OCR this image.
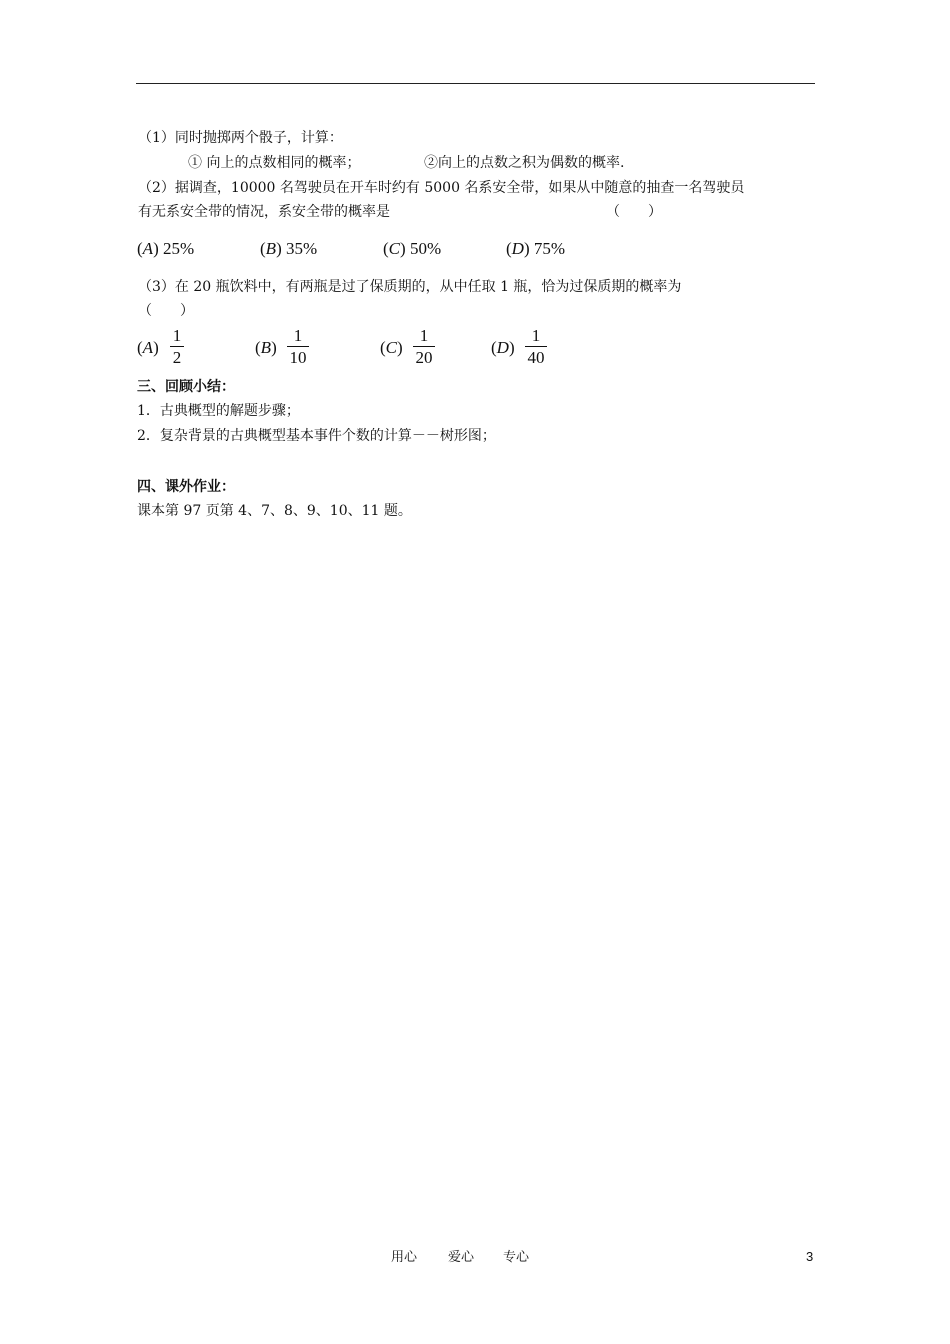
（1）同时抛掷两个骰子，计算：
① 向上的点数相同的概率；	②向上的点数之积为偶数的概率.
（2）据调查，10000 名驾驶员在开车时约有 5000 名系安全带，如果从中随意的抽查一名驾驶员
有无系安全带的情况，系安全带的概率是	（　　）
(A) 25%	(B) 35%	(C) 50%	(D) 75%
（3）在 20 瓶饮料中，有两瓶是过了保质期的，从中任取 1 瓶，恰为过保质期的概率为
（　　）
(A)
1
2
(B)
1
10
(C)
1
20
(D)
1
40
三、回顾小结：
1．古典概型的解题步骤；
2．复杂背景的古典概型基本事件个数的计算－－树形图；
四、课外作业：
课本第 97 页第 4、7、8、9、10、11 题。
用心 爱心 专心	3
